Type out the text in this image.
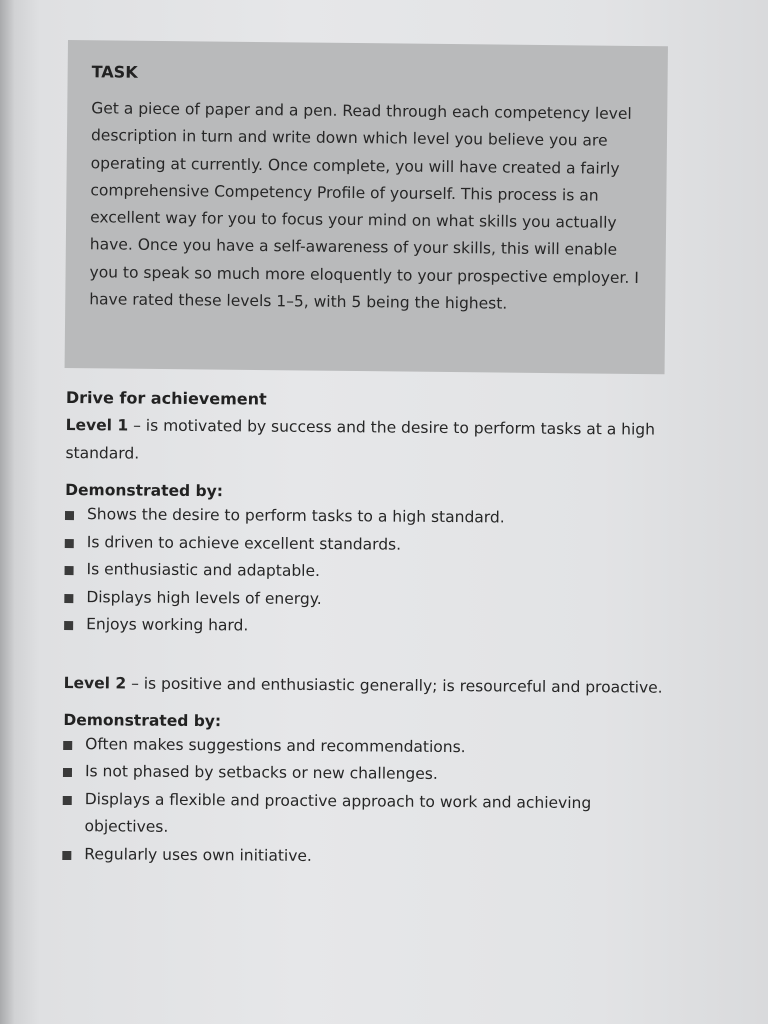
TASK

Get a piece of paper and a pen. Read through each competency level description in turn and write down which level you believe you are operating at currently. Once complete, you will have created a fairly comprehensive Competency Profile of yourself. This process is an excellent way for you to focus your mind on what skills you actually have. Once you have a self-awareness of your skills, this will enable you to speak so much more eloquently to your prospective employer. I have rated these levels 1–5, with 5 being the highest.

Drive for achievement

Level 1 – is motivated by success and the desire to perform tasks at a high standard.

Demonstrated by:

Shows the desire to perform tasks to a high standard.
Is driven to achieve excellent standards.
Is enthusiastic and adaptable.
Displays high levels of energy.
Enjoys working hard.

Level 2 – is positive and enthusiastic generally; is resourceful and proactive.

Demonstrated by:

Often makes suggestions and recommendations.
Is not phased by setbacks or new challenges.
Displays a flexible and proactive approach to work and achieving objectives.
Regularly uses own initiative.
